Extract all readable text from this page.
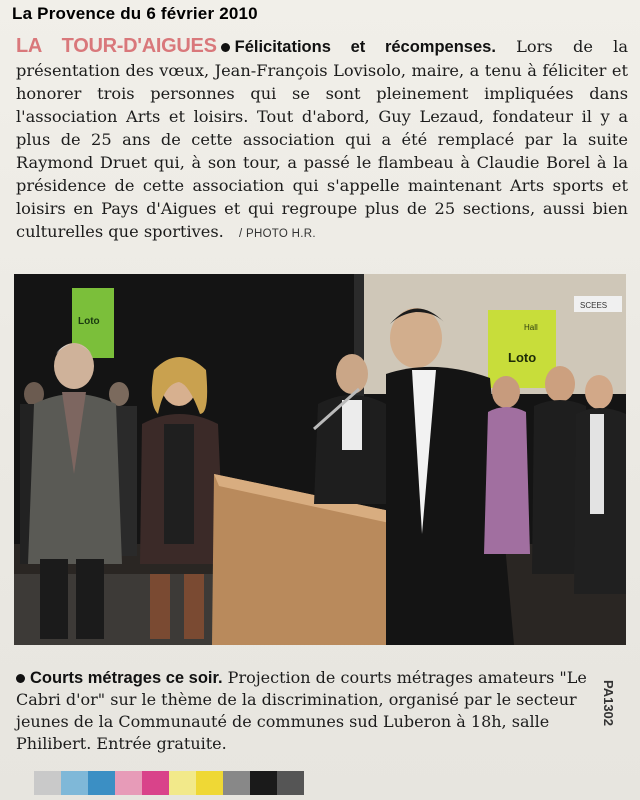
La Provence du 6 février 2010
LA TOUR-D'AIGUES Félicitations et récompenses. Lors de la présentation des vœux, Jean-François Lovisolo, maire, a tenu à féliciter et honorer trois personnes qui se sont pleinement impliquées dans l'association Arts et loisirs. Tout d'abord, Guy Lezaud, fondateur il y a plus de 25 ans de cette association qui a été remplacé par la suite Raymond Druet qui, à son tour, a passé le flambeau à Claudie Borel à la présidence de cette association qui s'appelle maintenant Arts sports et loisirs en Pays d'Aigues et qui regroupe plus de 25 sections, aussi bien culturelles que sportives. / PHOTO H.R.
Loto
Hall
Loto
SCEES
Courts métrages ce soir. Projection de courts métrages amateurs "Le Cabri d'or" sur le thème de la discrimination, organisé par le secteur jeunes de la Communauté de communes sud Luberon à 18h, salle Philibert. Entrée gratuite.
PA1302
